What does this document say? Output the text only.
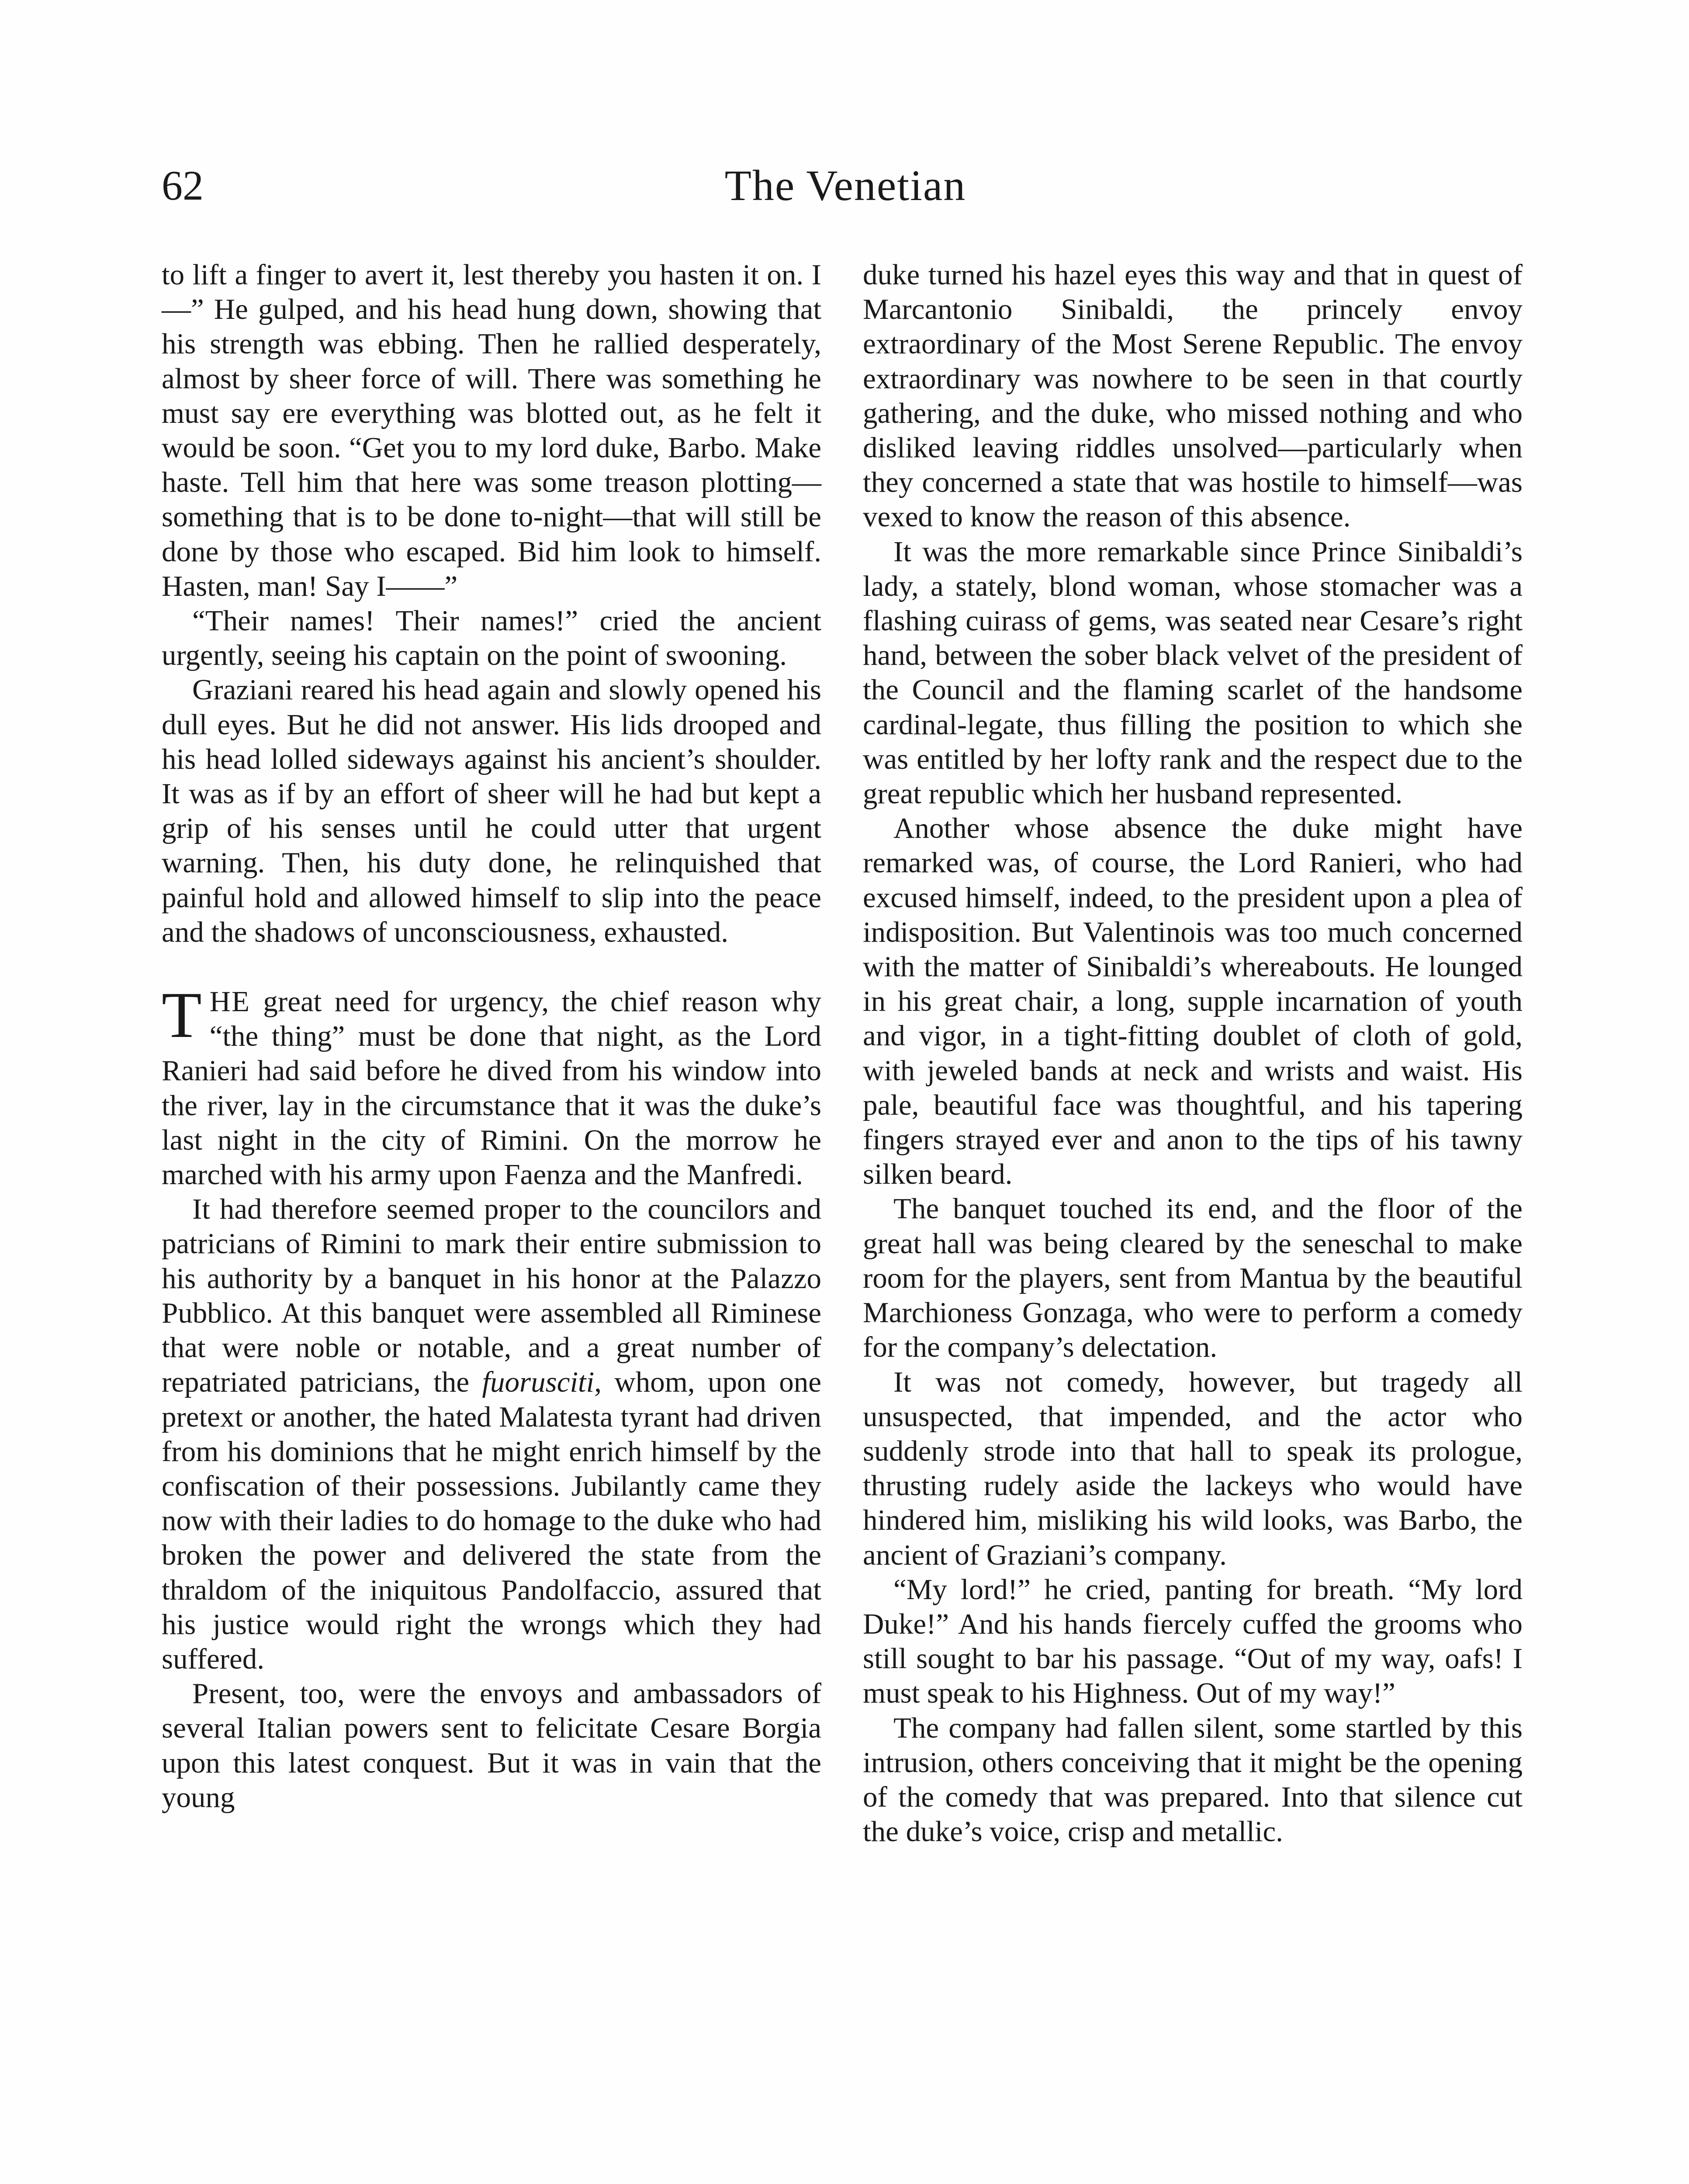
62	The Venetian

to lift a finger to avert it, lest thereby you hasten it on. I—” He gulped, and his head hung down, showing that his strength was ebbing. Then he rallied desperately, almost by sheer force of will. There was something he must say ere everything was blotted out, as he felt it would be soon. “Get you to my lord duke, Barbo. Make haste. Tell him that here was some treason plotting—something that is to be done to-night—that will still be done by those who escaped. Bid him look to himself. Hasten, man! Say I——”

“Their names! Their names!” cried the ancient urgently, seeing his captain on the point of swooning.

Graziani reared his head again and slowly opened his dull eyes. But he did not answer. His lids drooped and his head lolled sideways against his ancient’s shoulder. It was as if by an effort of sheer will he had but kept a grip of his senses until he could utter that urgent warning. Then, his duty done, he relinquished that painful hold and allowed himself to slip into the peace and the shadows of unconsciousness, exhausted.

THE great need for urgency, the chief reason why “the thing” must be done that night, as the Lord Ranieri had said before he dived from his window into the river, lay in the circumstance that it was the duke’s last night in the city of Rimini. On the morrow he marched with his army upon Faenza and the Manfredi.

It had therefore seemed proper to the councilors and patricians of Rimini to mark their entire submission to his authority by a banquet in his honor at the Palazzo Pubblico. At this banquet were assembled all Riminese that were noble or notable, and a great number of repatriated patricians, the fuorusciti, whom, upon one pretext or another, the hated Malatesta tyrant had driven from his dominions that he might enrich himself by the confiscation of their possessions. Jubilantly came they now with their ladies to do homage to the duke who had broken the power and delivered the state from the thraldom of the iniquitous Pandolfaccio, assured that his justice would right the wrongs which they had suffered.

Present, too, were the envoys and ambassadors of several Italian powers sent to felicitate Cesare Borgia upon this latest conquest. But it was in vain that the young

duke turned his hazel eyes this way and that in quest of Marcantonio Sinibaldi, the princely envoy extraordinary of the Most Serene Republic. The envoy extraordinary was nowhere to be seen in that courtly gathering, and the duke, who missed nothing and who disliked leaving riddles unsolved—particularly when they concerned a state that was hostile to himself—was vexed to know the reason of this absence.

It was the more remarkable since Prince Sinibaldi’s lady, a stately, blond woman, whose stomacher was a flashing cuirass of gems, was seated near Cesare’s right hand, between the sober black velvet of the president of the Council and the flaming scarlet of the handsome cardinal-legate, thus filling the position to which she was entitled by her lofty rank and the respect due to the great republic which her husband represented.

Another whose absence the duke might have remarked was, of course, the Lord Ranieri, who had excused himself, indeed, to the president upon a plea of indisposition. But Valentinois was too much concerned with the matter of Sinibaldi’s whereabouts. He lounged in his great chair, a long, supple incarnation of youth and vigor, in a tight-fitting doublet of cloth of gold, with jeweled bands at neck and wrists and waist. His pale, beautiful face was thoughtful, and his tapering fingers strayed ever and anon to the tips of his tawny silken beard.

The banquet touched its end, and the floor of the great hall was being cleared by the seneschal to make room for the players, sent from Mantua by the beautiful Marchioness Gonzaga, who were to perform a comedy for the company’s delectation.

It was not comedy, however, but tragedy all unsuspected, that impended, and the actor who suddenly strode into that hall to speak its prologue, thrusting rudely aside the lackeys who would have hindered him, misliking his wild looks, was Barbo, the ancient of Graziani’s company.

“My lord!” he cried, panting for breath. “My lord Duke!” And his hands fiercely cuffed the grooms who still sought to bar his passage. “Out of my way, oafs! I must speak to his Highness. Out of my way!”

The company had fallen silent, some startled by this intrusion, others conceiving that it might be the opening of the comedy that was prepared. Into that silence cut the duke’s voice, crisp and metallic.
